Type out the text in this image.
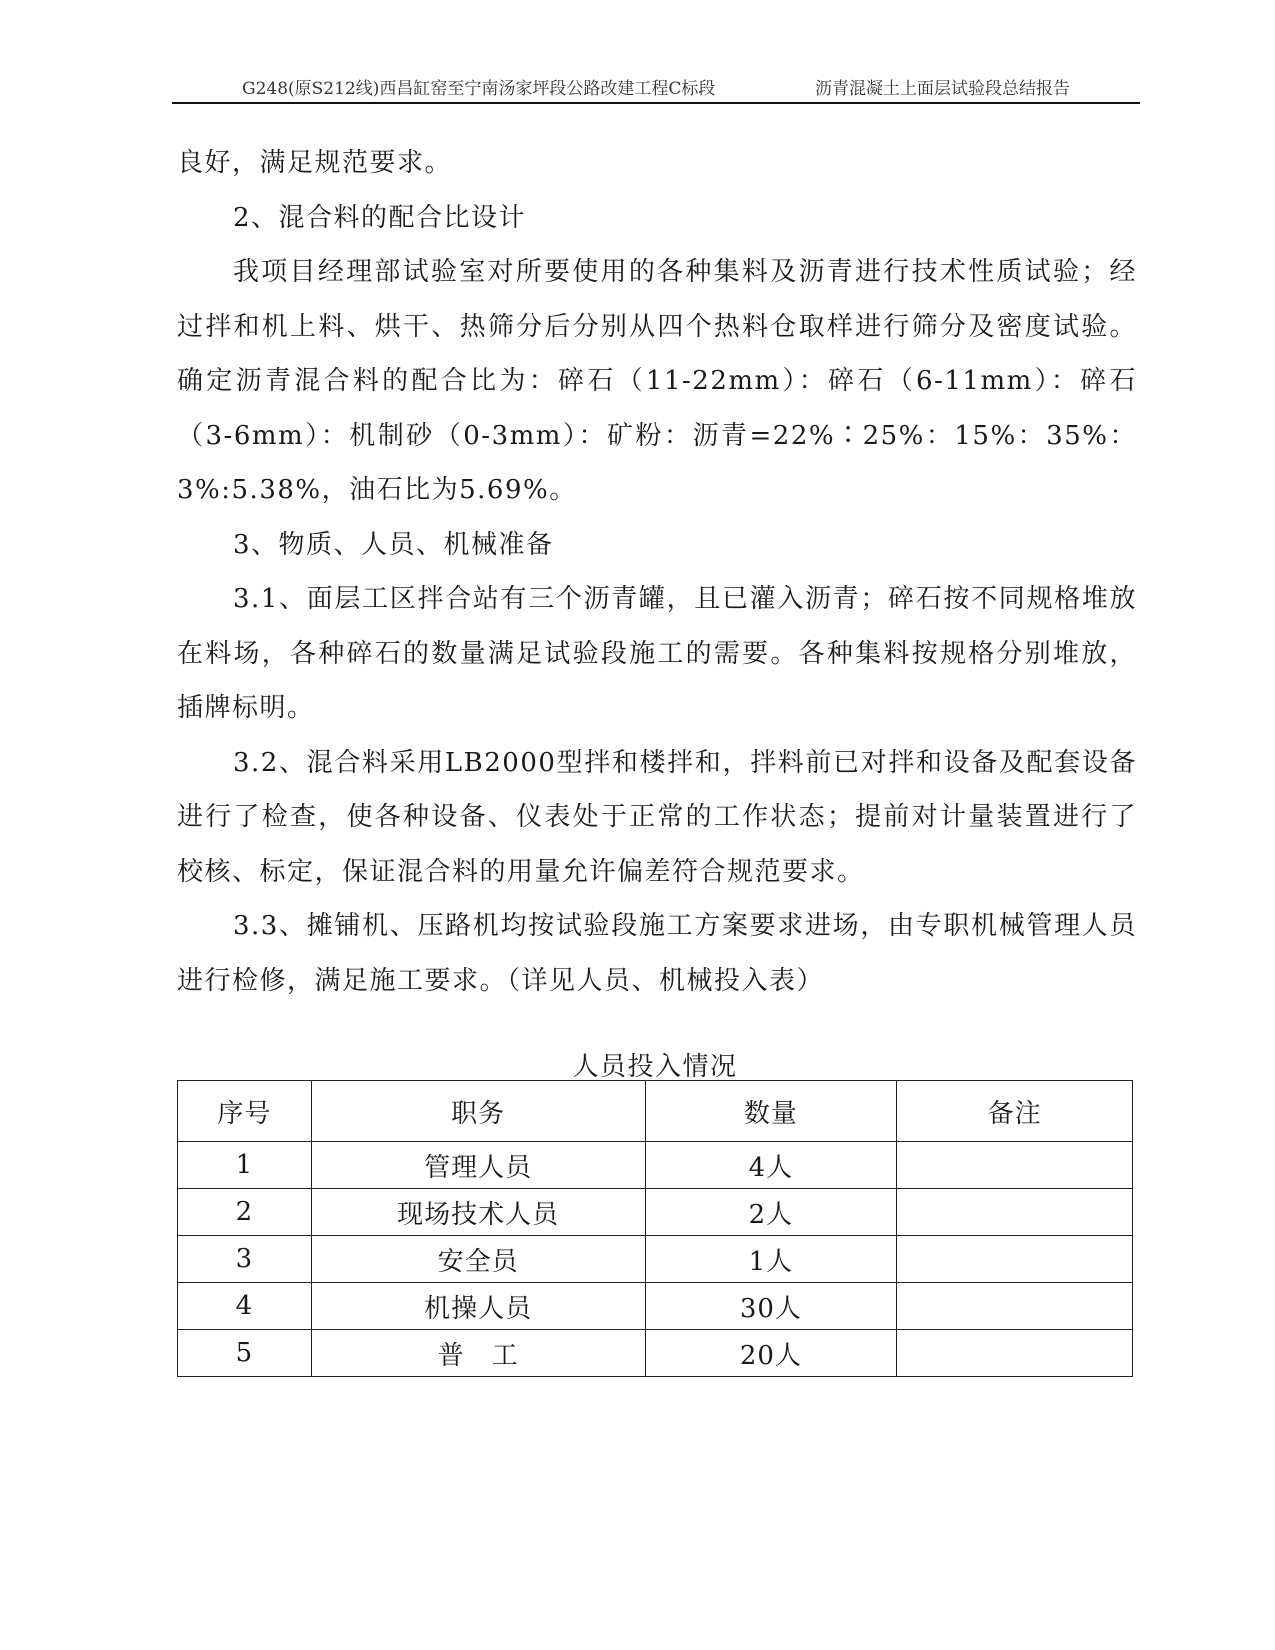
G248(原S212线)西昌缸窑至宁南汤家坪段公路改建工程C标段	沥青混凝土上面层试验段总结报告

良好，满足规范要求。

2、混合料的配合比设计

我项目经理部试验室对所要使用的各种集料及沥青进行技术性质试验；经过拌和机上料、烘干、热筛分后分别从四个热料仓取样进行筛分及密度试验。确定沥青混合料的配合比为：碎石（11-22mm）：碎石（6-11mm）：碎石（3-6mm）：机制砂（0-3mm）：矿粉：沥青=22%∶25%：15%：35%：3%:5.38%，油石比为5.69%。

3、物质、人员、机械准备

3.1、面层工区拌合站有三个沥青罐，且已灌入沥青；碎石按不同规格堆放在料场，各种碎石的数量满足试验段施工的需要。各种集料按规格分别堆放，插牌标明。

3.2、混合料采用LB2000型拌和楼拌和，拌料前已对拌和设备及配套设备进行了检查，使各种设备、仪表处于正常的工作状态；提前对计量装置进行了校核、标定，保证混合料的用量允许偏差符合规范要求。

3.3、摊铺机、压路机均按试验段施工方案要求进场，由专职机械管理人员进行检修，满足施工要求。（详见人员、机械投入表）

人员投入情况
序号	职务	数量	备注
1	管理人员	4人	
2	现场技术人员	2人	
3	安全员	1人	
4	机操人员	30人	
5	普　工	20人	
